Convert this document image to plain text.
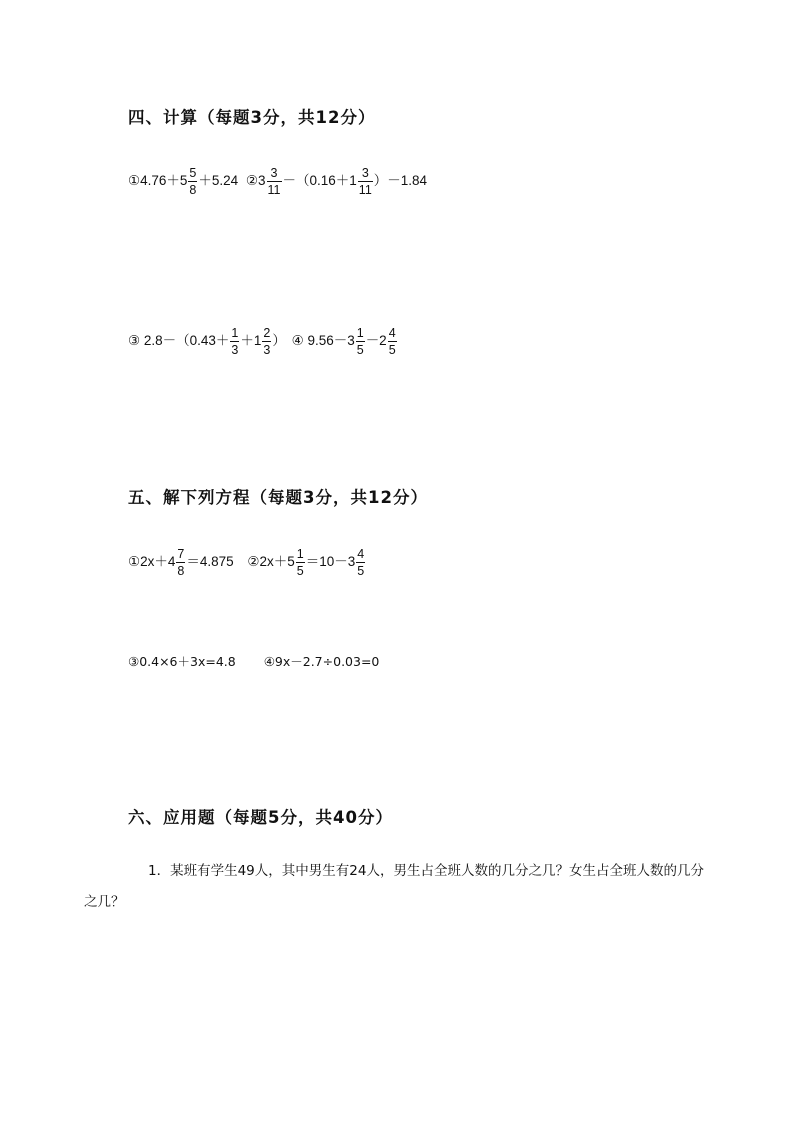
四、计算（每题3分，共12分）
①4.76＋5 $\frac{5}{8} +5.24$ ②3 $\frac{3}{11} -(0.16+1 \frac{3}{11} )-1.84$
③ $2.8-(0.43+ \frac{1}{3} +1 \frac{2}{3}$ ） ④ $9.56-3 \frac{1}{5} -2 \frac{4}{5}$
五、解下列方程（每题3分，共12分）
①2x＋4 $\frac{7}{8} =4.875$ ②2x＋5 $\frac{1}{5} =10-3 \frac{4}{5}$
③0.4×6＋3x=4.8 ④9x－2.7÷0.03=0
六、应用题（每题5分，共40分）
1．某班有学生49人，其中男生有24人，男生占全班人数的几分之几？女生占全班人数的几分之几？
